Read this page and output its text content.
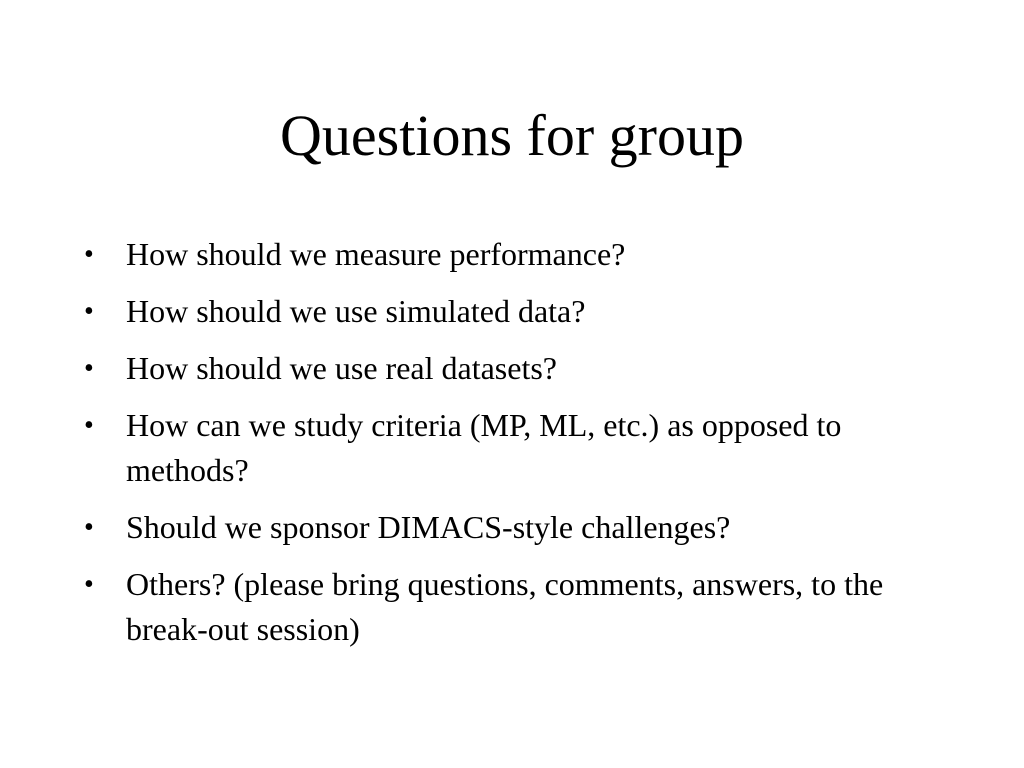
Questions for group
• How should we measure performance?
• How should we use simulated data?
• How should we use real datasets?
• How can we study criteria (MP, ML, etc.) as opposed to methods?
• Should we sponsor DIMACS-style challenges?
• Others? (please bring questions, comments, answers, to the break-out session)
